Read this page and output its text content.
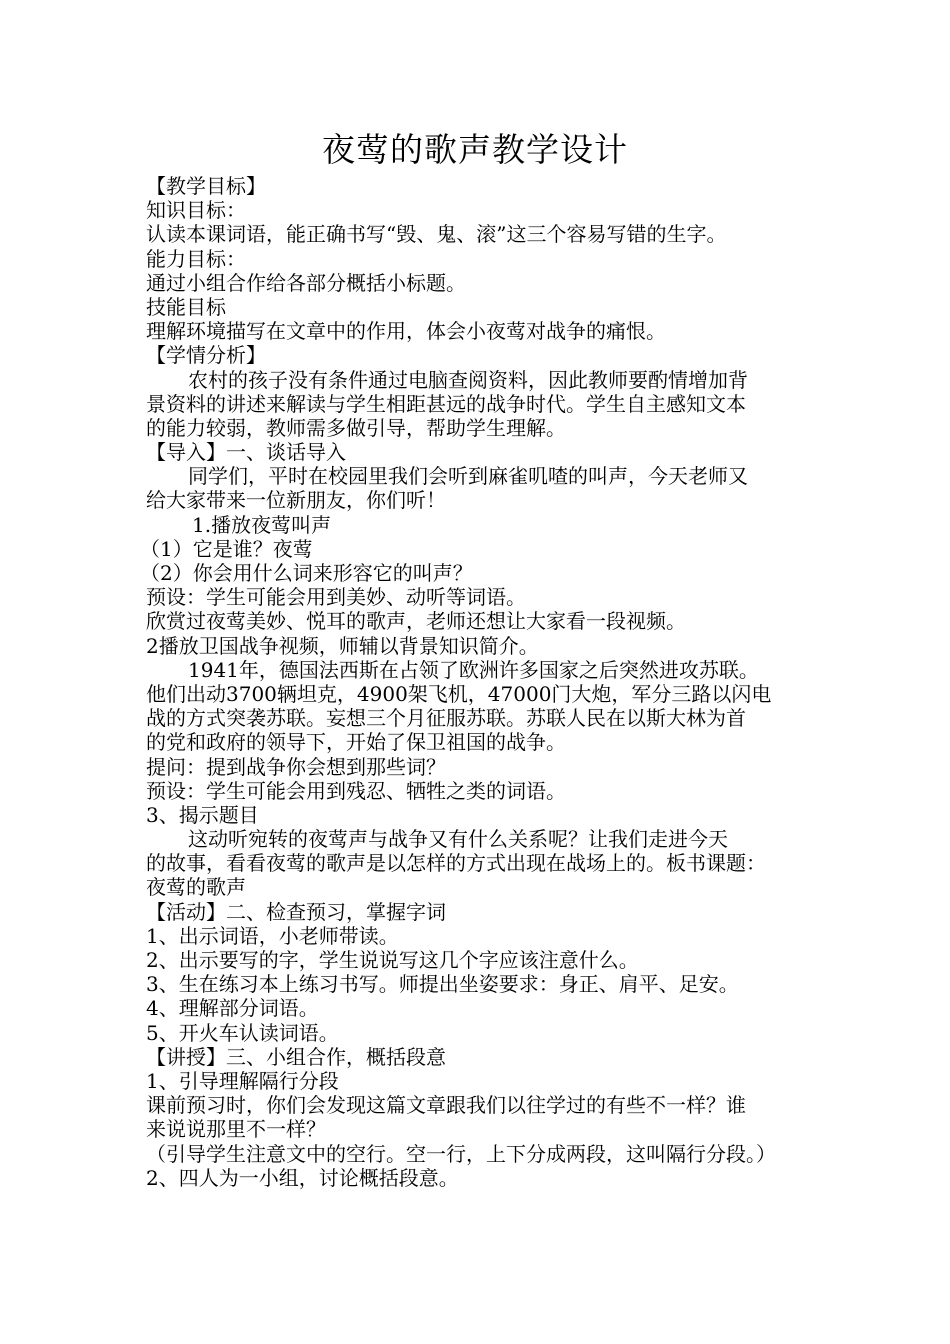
夜莺的歌声教学设计
【教学目标】
知识目标：
认读本课词语，能正确书写“毁、鬼、滚”这三个容易写错的生字。
能力目标：
通过小组合作给各部分概括小标题。
技能目标
理解环境描写在文章中的作用，体会小夜莺对战争的痛恨。
【学情分析】
农村的孩子没有条件通过电脑查阅资料，因此教师要酌情增加背
景资料的讲述来解读与学生相距甚远的战争时代。学生自主感知文本
的能力较弱，教师需多做引导，帮助学生理解。
【导入】一、谈话导入
同学们，平时在校园里我们会听到麻雀叽喳的叫声，今天老师又
给大家带来一位新朋友，你们听！
1.播放夜莺叫声
（1）它是谁？夜莺
（2）你会用什么词来形容它的叫声？
预设：学生可能会用到美妙、动听等词语。
欣赏过夜莺美妙、悦耳的歌声，老师还想让大家看一段视频。
2播放卫国战争视频，师辅以背景知识简介。
1941年，德国法西斯在占领了欧洲许多国家之后突然进攻苏联。
他们出动3700辆坦克，4900架飞机，47000门大炮，军分三路以闪电
战的方式突袭苏联。妄想三个月征服苏联。苏联人民在以斯大林为首
的党和政府的领导下，开始了保卫祖国的战争。
提问：提到战争你会想到那些词？
预设：学生可能会用到残忍、牺牲之类的词语。
3、揭示题目
这动听宛转的夜莺声与战争又有什么关系呢？让我们走进今天
的故事，看看夜莺的歌声是以怎样的方式出现在战场上的。板书课题：
夜莺的歌声
【活动】二、检查预习，掌握字词
1、出示词语，小老师带读。
2、出示要写的字，学生说说写这几个字应该注意什么。
3、生在练习本上练习书写。师提出坐姿要求：身正、肩平、足安。
4、理解部分词语。
5、开火车认读词语。
【讲授】三、小组合作，概括段意
1、引导理解隔行分段
课前预习时，你们会发现这篇文章跟我们以往学过的有些不一样？谁
来说说那里不一样？
（引导学生注意文中的空行。空一行，上下分成两段，这叫隔行分段。）
2、四人为一小组，讨论概括段意。
